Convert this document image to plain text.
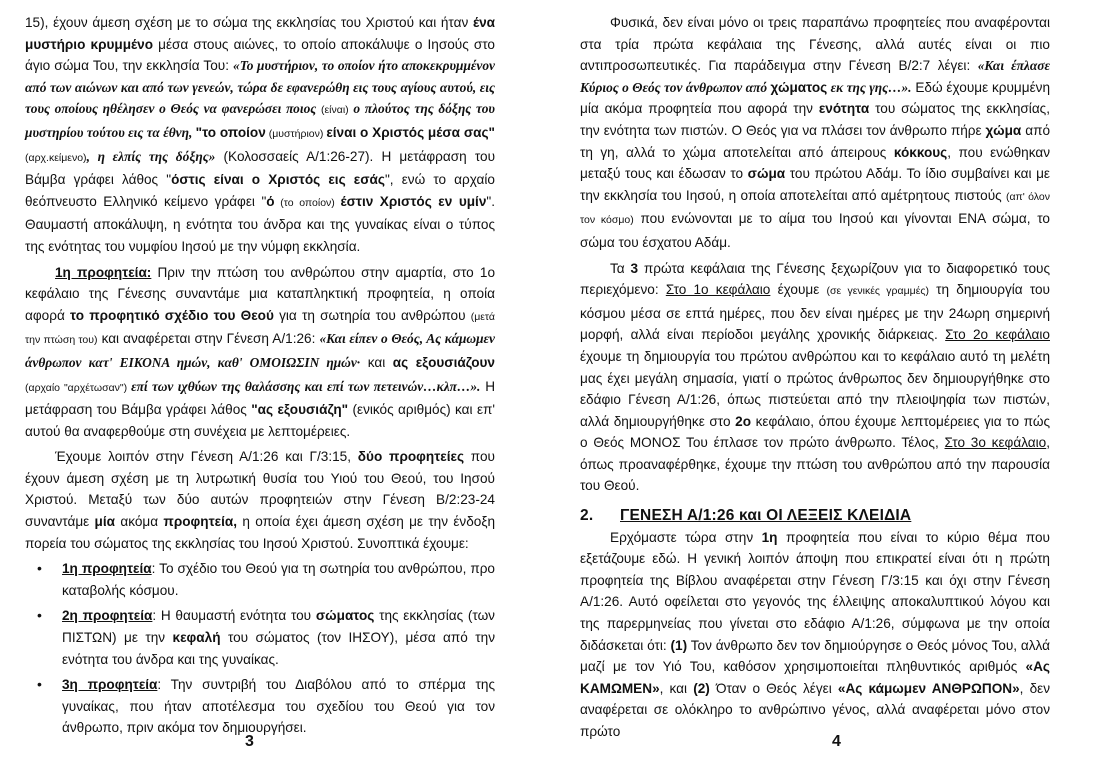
15), έχουν άμεση σχέση με το σώμα της εκκλησίας του Χριστού και ήταν ένα μυστήριο κρυμμένο μέσα στους αιώνες, το οποίο αποκάλυψε ο Ιησούς στο άγιο σώμα Του, την εκκλησία Του: «Το μυστήριον, το οποίον ήτο αποκεκρυμμένον από των αιώνων και από των γενεών, τώρα δε εφανερώθη εις τους αγίους αυτού, εις τους οποίους ηθέλησεν ο Θεός να φανερώσει ποιος (είναι) ο πλούτος της δόξης του μυστηρίου τούτου εις τα έθνη, "το οποίον (μυστήριον) είναι ο Χριστός μέσα σας" (αρχ.κείμενο), η ελπίς της δόξης» (Κολοσσαείς Α/1:26-27). Η μετάφραση του Βάμβα γράφει λάθος "όστις είναι ο Χριστός εις εσάς", ενώ το αρχαίο θεόπνευστο Ελληνικό κείμενο γράφει "ό (το οποίον) έστιν Χριστός εν υμίν". Θαυμαστή αποκάλυψη, η ενότητα του άνδρα και της γυναίκας είναι ο τύπος της ενότητας του νυμφίου Ιησού με την νύμφη εκκλησία.

1η προφητεία: Πριν την πτώση του ανθρώπου στην αμαρτία, στο 1ο κεφάλαιο της Γένεσης συναντάμε μια καταπληκτική προφητεία, η οποία αφορά το προφητικό σχέδιο του Θεού για τη σωτηρία του ανθρώπου (μετά την πτώση του) και αναφέρεται στην Γένεση Α/1:26: «Και είπεν ο Θεός, Ας κάμωμεν άνθρωπον κατ' ΕΙΚΟΝΑ ημών, καθ' ΟΜΟΙΩΣΙΝ ημών· και ας εξουσιάζουν (αρχαίο "αρχέτωσαν") επί των ιχθύων της θαλάσσης και επί των πετεινών…κλπ…». Η μετάφραση του Βάμβα γράφει λάθος "ας εξουσιάζη" (ενικός αριθμός) και επ' αυτού θα αναφερθούμε στη συνέχεια με λεπτομέρειες.

Έχουμε λοιπόν στην Γένεση Α/1:26 και Γ/3:15, δύο προφητείες που έχουν άμεση σχέση με τη λυτρωτική θυσία του Υιού του Θεού, του Ιησού Χριστού. Μεταξύ των δύο αυτών προφητειών στην Γένεση Β/2:23-24 συναντάμε μία ακόμα προφητεία, η οποία έχει άμεση σχέση με την ένδοξη πορεία του σώματος της εκκλησίας του Ιησού Χριστού. Συνοπτικά έχουμε:

• 1η προφητεία: Το σχέδιο του Θεού για τη σωτηρία του ανθρώπου, προ καταβολής κόσμου.
• 2η προφητεία: Η θαυμαστή ενότητα του σώματος της εκκλησίας (των ΠΙΣΤΩΝ) με την κεφαλή του σώματος (τον ΙΗΣΟΥ), μέσα από την ενότητα του άνδρα και της γυναίκας.
• 3η προφητεία: Την συντριβή του Διαβόλου από το σπέρμα της γυναίκας, που ήταν αποτέλεσμα του σχεδίου του Θεού για τον άνθρωπο, πριν ακόμα τον δημιουργήσει.
3

Φυσικά, δεν είναι μόνο οι τρεις παραπάνω προφητείες που αναφέρονται στα τρία πρώτα κεφάλαια της Γένεσης, αλλά αυτές είναι οι πιο αντιπροσωπευτικές. Για παράδειγμα στην Γένεση Β/2:7 λέγει: «Και έπλασε Κύριος ο Θεός τον άνθρωπον από χώματος εκ της γης…». Εδώ έχουμε κρυμμένη μία ακόμα προφητεία που αφορά την ενότητα του σώματος της εκκλησίας, την ενότητα των πιστών. Ο Θεός για να πλάσει τον άνθρωπο πήρε χώμα από τη γη, αλλά το χώμα αποτελείται από άπειρους κόκκους, που ενώθηκαν μεταξύ τους και έδωσαν το σώμα του πρώτου Αδάμ. Το ίδιο συμβαίνει και με την εκκλησία του Ιησού, η οποία αποτελείται από αμέτρητους πιστούς (απ' όλον τον κόσμο) που ενώνονται με το αίμα του Ιησού και γίνονται ΕΝΑ σώμα, το σώμα του έσχατου Αδάμ.

Τα 3 πρώτα κεφάλαια της Γένεσης ξεχωρίζουν για το διαφορετικό τους περιεχόμενο: Στο 1ο κεφάλαιο έχουμε (σε γενικές γραμμές) τη δημιουργία του κόσμου μέσα σε επτά ημέρες, που δεν είναι ημέρες με την 24ωρη σημερινή μορφή, αλλά είναι περίοδοι μεγάλης χρονικής διάρκειας. Στο 2ο κεφάλαιο έχουμε τη δημιουργία του πρώτου ανθρώπου και το κεφάλαιο αυτό τη μελέτη μας έχει μεγάλη σημασία, γιατί ο πρώτος άνθρωπος δεν δημιουργήθηκε στο εδάφιο Γένεση Α/1:26, όπως πιστεύεται από την πλειοψηφία των πιστών, αλλά δημιουργήθηκε στο 2ο κεφάλαιο, όπου έχουμε λεπτομέρειες για το πώς ο Θεός ΜΟΝΟΣ Του έπλασε τον πρώτο άνθρωπο. Τέλος, Στο 3ο κεφάλαιο, όπως προαναφέρθηκε, έχουμε την πτώση του ανθρώπου από την παρουσία του Θεού.

2. ΓΕΝΕΣΗ Α/1:26 και ΟΙ ΛΕΞΕΙΣ ΚΛΕΙΔΙΑ

Ερχόμαστε τώρα στην 1η προφητεία που είναι το κύριο θέμα που εξετάζουμε εδώ. Η γενική λοιπόν άποψη που επικρατεί είναι ότι η πρώτη προφητεία της Βίβλου αναφέρεται στην Γένεση Γ/3:15 και όχι στην Γένεση Α/1:26. Αυτό οφείλεται στο γεγονός της έλλειψης αποκαλυπτικού λόγου και της παρερμηνείας που γίνεται στο εδάφιο Α/1:26, σύμφωνα με την οποία διδάσκεται ότι: (1) Τον άνθρωπο δεν τον δημιούργησε ο Θεός μόνος Του, αλλά μαζί με τον Υιό Του, καθόσον χρησιμοποιείται πληθυντικός αριθμός «Ας ΚΑΜΩΜΕΝ», και (2) Όταν ο Θεός λέγει «Ας κάμωμεν ΑΝΘΡΩΠΟΝ», δεν αναφέρεται σε ολόκληρο το ανθρώπινο γένος, αλλά αναφέρεται μόνο στον πρώτο

4
